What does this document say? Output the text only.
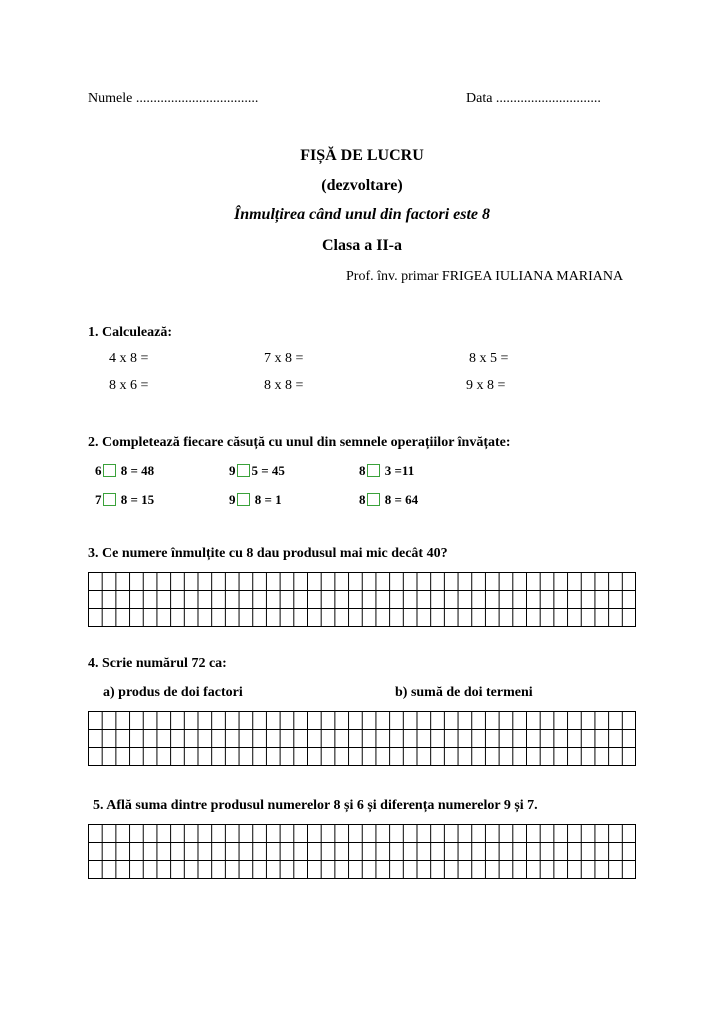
Numele ...................................	Data ..............................
FIȘĂ DE LUCRU
(dezvoltare)
Înmulțirea când unul din factori este 8
Clasa a II-a
Prof. înv. primar FRIGEA IULIANA MARIANA
1. Calculează:
4 x 8 =	7 x 8 =	8 x 5 =
8 x 6 =	8 x 8 =	9 x 8 =
2. Completează fiecare căsuță cu unul din semnele operațiilor învățate:
6 8 = 48	9 5 = 45	8 3 =11
7 8 = 15	9 8 = 1	8 8 = 64
3. Ce numere înmulțite cu 8 dau produsul mai mic decât 40?
4. Scrie numărul 72 ca:
a) produs de doi factori	b) sumă de doi termeni
5. Află suma dintre produsul numerelor 8 și 6 și diferența numerelor 9 și 7.
